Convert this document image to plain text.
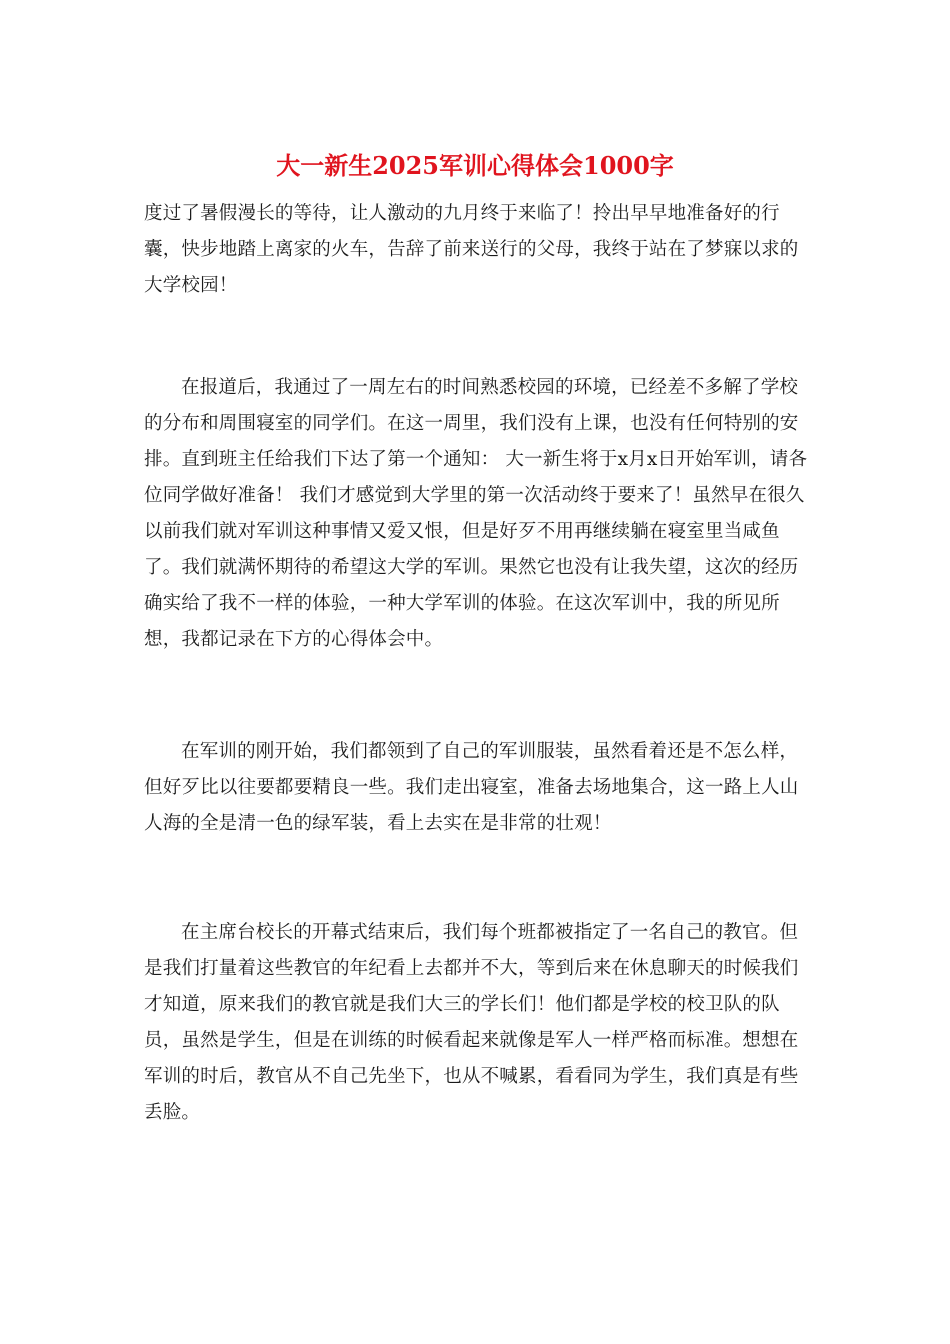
大一新生2025军训心得体会1000字

度过了暑假漫长的等待，让人激动的九月终于来临了！拎出早早地准备好的行囊，快步地踏上离家的火车，告辞了前来送行的父母，我终于站在了梦寐以求的大学校园！

在报道后，我通过了一周左右的时间熟悉校园的环境，已经差不多解了学校的分布和周围寝室的同学们。在这一周里，我们没有上课，也没有任何特别的安排。直到班主任给我们下达了第一个通知： 大一新生将于x月x日开始军训，请各位同学做好准备！ 我们才感觉到大学里的第一次活动终于要来了！虽然早在很久以前我们就对军训这种事情又爱又恨，但是好歹不用再继续躺在寝室里当咸鱼了。我们就满怀期待的希望这大学的军训。果然它也没有让我失望，这次的经历确实给了我不一样的体验，一种大学军训的体验。在这次军训中，我的所见所想，我都记录在下方的心得体会中。

在军训的刚开始，我们都领到了自己的军训服装，虽然看着还是不怎么样，但好歹比以往要都要精良一些。我们走出寝室，准备去场地集合，这一路上人山人海的全是清一色的绿军装，看上去实在是非常的壮观！

在主席台校长的开幕式结束后，我们每个班都被指定了一名自己的教官。但是我们打量着这些教官的年纪看上去都并不大，等到后来在休息聊天的时候我们才知道，原来我们的教官就是我们大三的学长们！他们都是学校的校卫队的队员，虽然是学生，但是在训练的时候看起来就像是军人一样严格而标准。想想在军训的时后，教官从不自己先坐下，也从不喊累，看看同为学生，我们真是有些丢脸。
